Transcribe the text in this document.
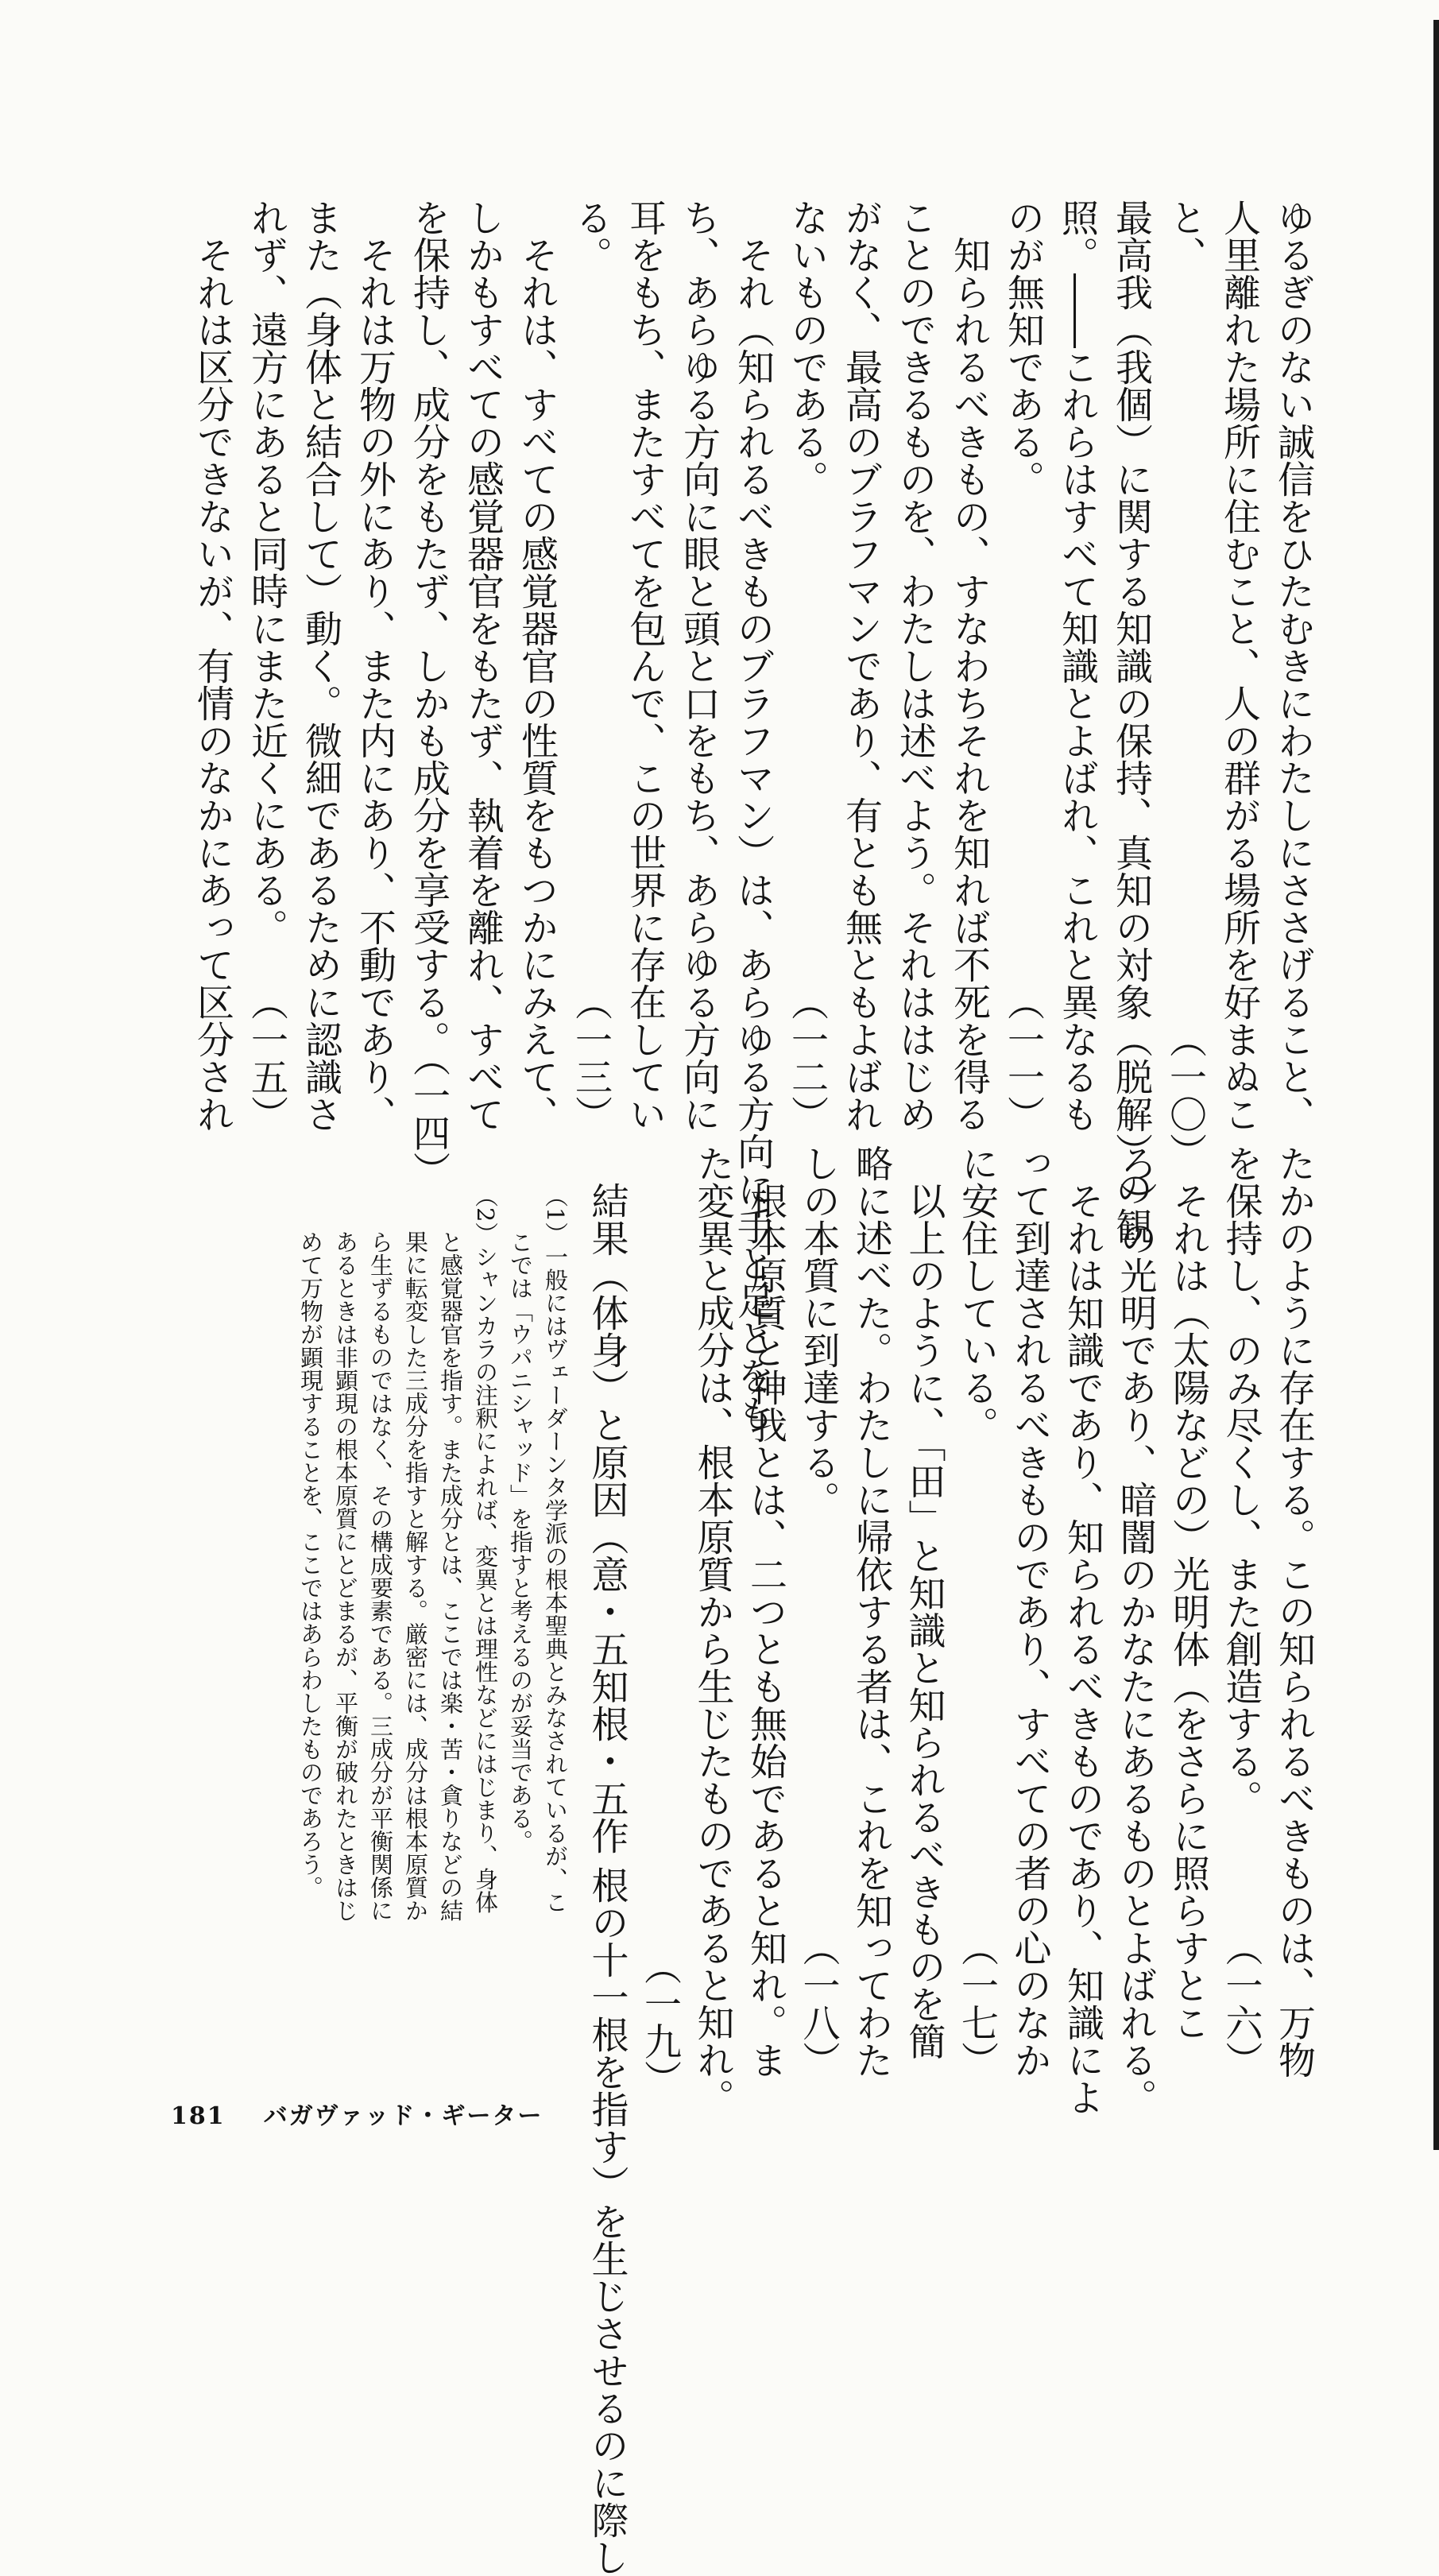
ゆるぎのない誠信をひたむきにわたしにささげること、
人里離れた場所に住むこと、人の群がる場所を好まぬこ
と、　　　　　　　　　　　　　　　　　　　　　（一〇）
最高我（我個）に関する知識の保持、真知の対象（脱解）の観
照。――これらはすべて知識とよばれ、これと異なるも
のが無知である。　　　　　　　　　　　　　　（一一）
　知られるべきもの、すなわちそれを知れば不死を得る
ことのできるものを、わたしは述べよう。それははじめ
がなく、最高のブラフマンであり、有とも無ともよばれ
ないものである。　　　　　　　　　　　　　　（一二）
　それ（知られるべきものブラフマン）は、あらゆる方向に手と足とをも
ち、あらゆる方向に眼と頭と口をもち、あらゆる方向に
耳をもち、またすべてを包んで、この世界に存在してい
る。　　　　　　　　　　　　　　　　　　　　（一三）
　それは、すべての感覚器官の性質をもつかにみえて、
しかもすべての感覚器官をもたず、執着を離れ、すべて
を保持し、成分をもたず、しかも成分を享受する。（一四）
　それは万物の外にあり、また内にあり、不動であり、
また（身体と結合して）動く。微細であるために認識さ
れず、遠方にあると同時にまた近くにある。　　（一五）
　それは区分できないが、有情のなかにあって区分され

たかのように存在する。この知られるべきものは、万物
を保持し、のみ尽くし、また創造する。　　　　（一六）
　それは（太陽などの）光明体（をさらに照らすとこ
ろ）の光明であり、暗闇のかなたにあるものとよばれる。
　それは知識であり、知られるべきものであり、知識によ
って到達されるべきものであり、すべての者の心のなか
に安住している。　　　　　　　　　　　　　　（一七）
　以上のように、「田」と知識と知られるべきものを簡
略に述べた。わたしに帰依する者は、これを知ってわた
しの本質に到達する。　　　　　　　　　　　　（一八）
　根本原質と神我とは、二つとも無始であると知れ。ま
た変異と成分は、根本原質から生じたものであると知れ。
　　　　　　　　　　　　　　　　　　　　　　（一九）
　結果（体身）と原因（意・五知根・五作 根の十一根を指す）を生じさせるのに際し

（1）一般にはヴェーダーンタ学派の根本聖典とみなされているが、こ
　　こでは「ウパニシャッド」を指すと考えるのが妥当である。
（2）シャンカラの注釈によれば、変異とは理性などにはじまり、身体
　　と感覚器官を指す。また成分とは、ここでは楽・苦・貪りなどの結
　　果に転変した三成分を指すと解する。厳密には、成分は根本原質か
　　ら生ずるものではなく、その構成要素である。三成分が平衡関係に
　　あるときは非顕現の根本原質にとどまるが、平衡が破れたときはじ
　　めて万物が顕現することを、ここではあらわしたものであろう。

181 バガヴァッド・ギーター
